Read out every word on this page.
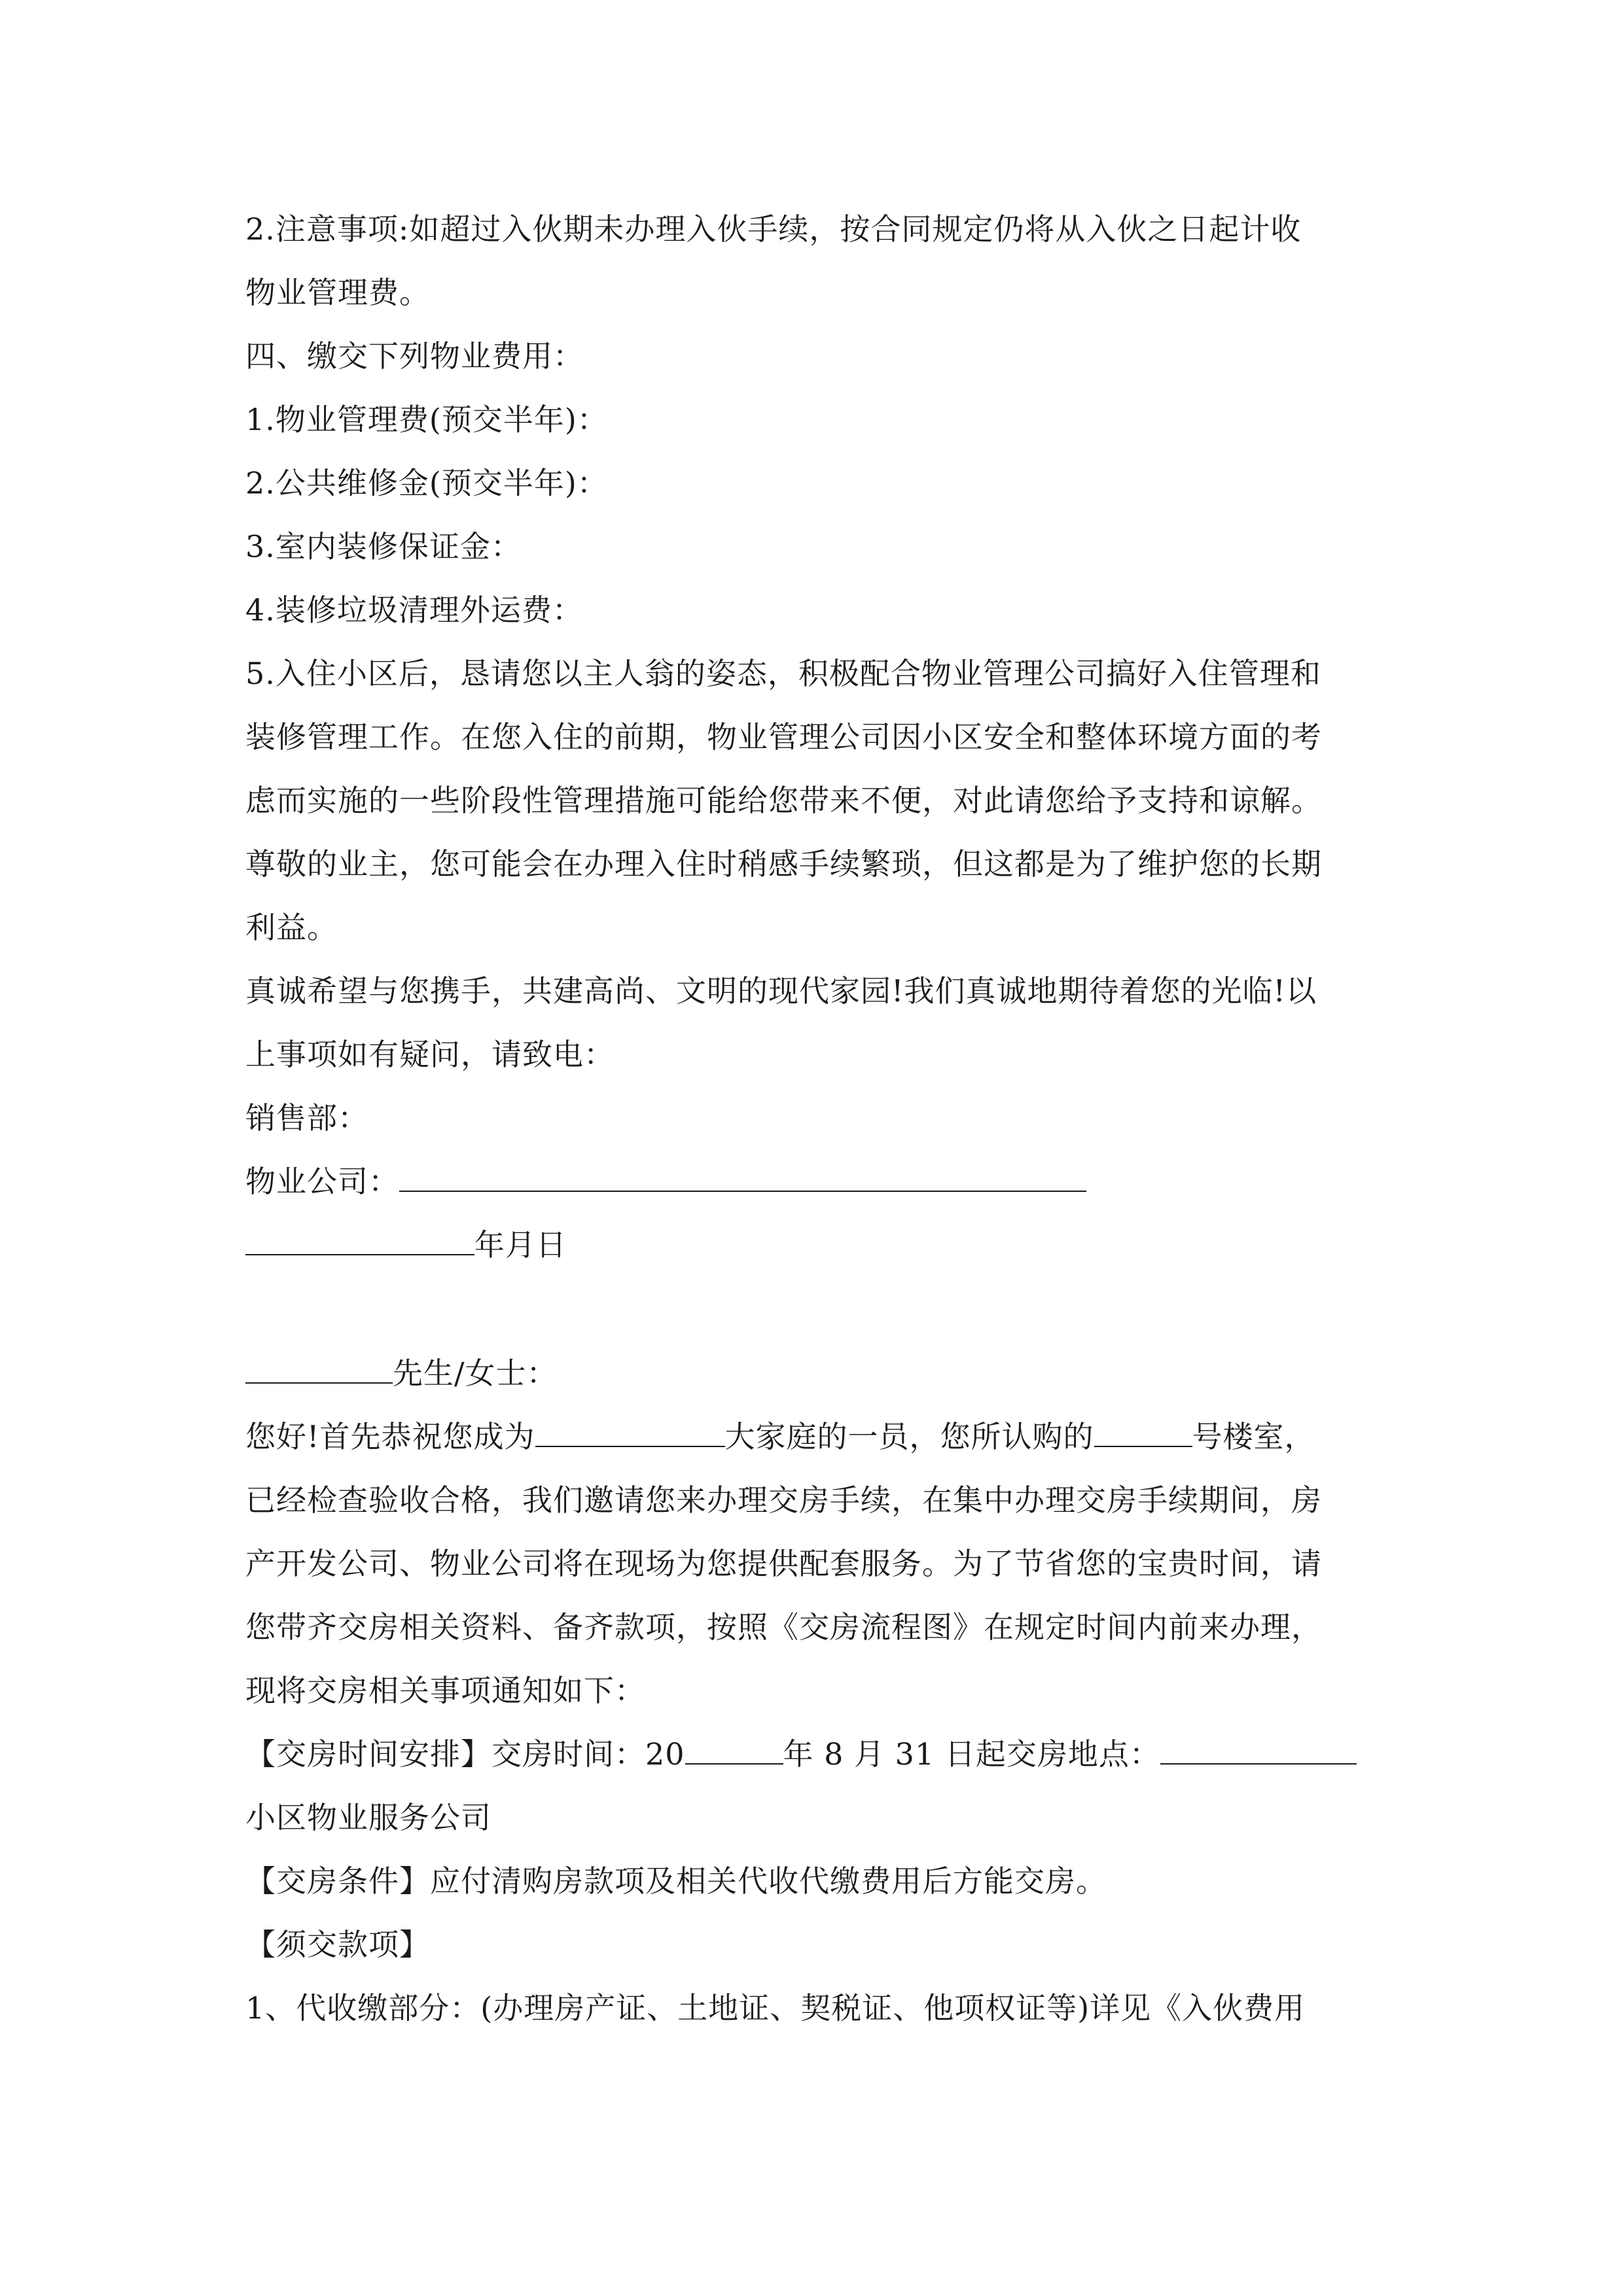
2.注意事项:如超过入伙期未办理入伙手续，按合同规定仍将从入伙之日起计收
物业管理费。
四、缴交下列物业费用：
1.物业管理费(预交半年)：
2.公共维修金(预交半年)：
3.室内装修保证金：
4.装修垃圾清理外运费：
5.入住小区后，恳请您以主人翁的姿态，积极配合物业管理公司搞好入住管理和
装修管理工作。在您入住的前期，物业管理公司因小区安全和整体环境方面的考
虑而实施的一些阶段性管理措施可能给您带来不便，对此请您给予支持和谅解。
尊敬的业主，您可能会在办理入住时稍感手续繁琐，但这都是为了维护您的长期
利益。
真诚希望与您携手，共建高尚、文明的现代家园!我们真诚地期待着您的光临!以
上事项如有疑问，请致电：
销售部：
物业公司：
年月日
先生/女士：
您好!首先恭祝您成为	大家庭的一员，您所认购的	号楼室，
已经检查验收合格，我们邀请您来办理交房手续，在集中办理交房手续期间，房
产开发公司、物业公司将在现场为您提供配套服务。为了节省您的宝贵时间，请
您带齐交房相关资料、备齐款项，按照《交房流程图》在规定时间内前来办理，
现将交房相关事项通知如下：
【交房时间安排】交房时间：20	年 8 月 31 日起交房地点：
小区物业服务公司
【交房条件】应付清购房款项及相关代收代缴费用后方能交房。
【须交款项】
1、代收缴部分：(办理房产证、土地证、契税证、他项权证等)详见《入伙费用
